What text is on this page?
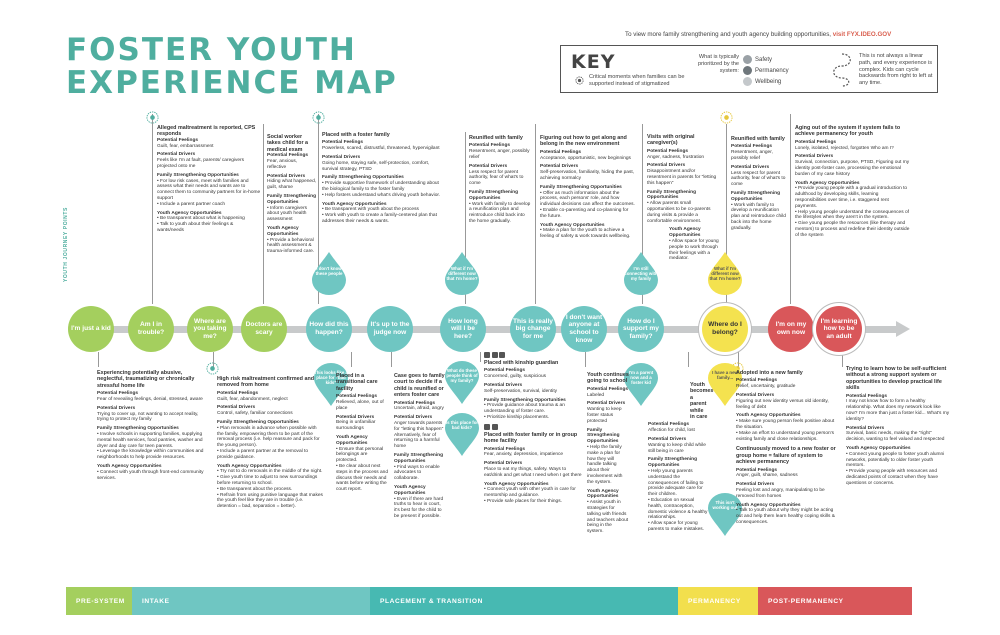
FOSTER YOUTH
EXPERIENCE MAP
To view more family strengthening and youth agency building opportunities, visit FYX.IDEO.GOV
KEY
Critical moments when families can be supported instead of stigmatized
What is typically prioritized by the system:
Safety
Permanency
Wellbeing
This is not always a linear path, and every experience is complex. Kids can cycle backwards from right to left at any time.
YOUTH JOURNEY POINTS
I'm just a kid
Am I in trouble?
Where are you taking me?
Doctors are scary
How did this happen?
It's up to the judge now
How long will I be here?
This is really big change for me
I don't want anyone at school to know
How do I support my family?
Where do I belong?
I'm on my own now
I'm learning how to be an adult
I don't know these people
This looks like a place for "bad kids"
What if I'm different now that I'm home?
What do these people think of my family?
Is this place for bad kids?
I'm still connecting with my family
I'm a parent now and a foster kid
What if I'm different now that I'm home?
I have a new family...
This isn't working out

Alleged maltreatment is reported, CPS responds

Potential Feelings

Guilt, fear, embarrassment

Potential Drivers

Feels like I'm at fault, parents/ caregivers projected onto me

Family Strengthening Opportunities

• For low risk cases, meet with families and assess what their needs and wants are to connect them to community partners for in-home support

• Include a parent partner coach

Youth Agency Opportunities

• Be transparent about what is happening

• Talk to youth about their feelings & wants/needs

Social worker takes child for a medical exam

Potential Feelings

Fear, anxious, reflective

Potential Drivers

Hiding what happened, guilt, shame

Family Strengthening Opportunities

• Inform caregivers about youth health assessment

Youth Agency Opportunities

• Provide a behavioral health assessment & trauma-informed care.

Placed with a foster family

Potential Feelings

Powerless, scared, distrustful, threatened, hypervigilant

Potential Drivers

Going home, staying safe, self-protection, comfort, survival strategy, PTSD

Family Strengthening Opportunities

• Provide supportive framework of understanding about the biological family to the foster family

• Help fosters understand what's driving youth behavior.

Youth Agency Opportunities

• Be transparent with youth about the process

• Work with youth to create a family-centered plan that addresses their needs & wants.

Reunified with family

Potential Feelings

Resentment, anger, possibly relief

Potential Drivers

Less respect for parent authority, fear of what's to come

Family Strengthening Opportunities

• Work with family to develop a reunification plan and reintroduce child back into the home gradually.

Figuring out how to get along and belong in the new environment

Potential Feelings

Acceptance, opportunistic, new beginnings

Potential Drivers

Self-preservation, familiarity, hiding the past, achieving normalcy

Family Strengthening Opportunities

• Offer as much information about the process, each persons' role, and how individual decisions can affect the outcomes.

• Enable co-parenting and co-planning for the future.

Youth Agency Opportunities

• Make a plan for the youth to achieve a feeling of safety & work towards wellbeing.

Visits with original caregiver(s)

Potential Feelings

Anger, sadness, frustration

Potential Drivers

Disappointment and/or resentment in parents for "letting this happen"

Family Strengthening Opportunities

• Allow parents small opportunities to be co-parents during visits & provide a comfortable environment.

Youth Agency Opportunities

• Allow space for young people to work through their feelings with a mediator.

Reunified with family

Potential Feelings

Resentment, anger, possibly relief

Potential Drivers

Less respect for parent authority, fear of what's to come

Family Strengthening Opportunities

• Work with family to develop a reunification plan and reintroduce child back into the home gradually.

Aging out of the system if system fails to achieve permanency for youth

Potential Feelings

Lonely, isolated, rejected, forgotten Who am I?

Potential Drivers

Survival, connection, purpose, PTSD, Figuring out my identity post-foster care, processing the emotional burden of my case history

Youth Agency Opportunities

• Provide young people with a gradual introduction to adulthood by developing skills, learning responsibilities over time, i.e. staggered rent payments.

• Help young people understand the consequences of the lifestyles when they aren't in the system.

• Give young people the resources (like therapy and mentors) to process and redefine their identity outside of the system

Experiencing potentially abusive, neglectful, traumatizing or chronically stressful home life

Potential Feelings

Fear of revealing feelings, denial, stressed, aware

Potential Drivers

Trying to cover up, not wanting to accept reality, trying to protect my family

Family Strengthening Opportunities

• Involve schools in supporting families, supplying mental health services, food pantries, washer and dryer and day care for teen parents.

• Leverage the knowledge within communities and neighborhoods to help provide resources.

Youth Agency Opportunities

• Connect with youth through front-end community services.

High risk maltreatment confirmed and removed from home

Potential Feelings

Guilt, fear, abandonment, neglect

Potential Drivers

Control, safety, familiar connections

Family Strengthening Opportunities

• Plan removals in advance when possible with the family, empowering them to be part of the removal process (i.e. help reassure and pack for the young person).

• Include a parent partner at the removal to provide guidance.

Youth Agency Opportunities

• Try not to do removals in the middle of the night.

• Give youth time to adjust to new surroundings before returning to school.

• Be transparent about the process.

• Refrain from using punitive language that makes the youth feel like they are in trouble (i.e. detention = bad, separation = better).

Placed in a transitional care facility

Potential Feelings

Relieved, alone, out of place

Potential Drivers

Being in unfamiliar surroundings

Youth Agency Opportunities

• Ensure that personal belongings are protected.

• Be clear about next steps in the process and discuss their needs and wants before writing the court report.

Case goes to family court to decide if a child is reunified or enters foster care

Potential Feelings

Uncertain, afraid, angry

Potential Drivers

Anger towards parents for "letting this happen" Alternatively, fear of returning to a harmful home

Family Strengthening Opportunities

• Find ways to enable advocates to collaborate.

Youth Agency Opportunities

• Even if there are hard truths to hear in court, it's best for the child to be present if possible.

Placed with kinship guardian

Potential Feelings

Concerned, guilty, suspicious

Potential Drivers

Self-preservation, survival, identity

Family Strengthening Opportunities

• Provide guidance about trauma & an understanding of foster care.

• Prioritize kinship placements.

Placed with foster family or in group home facility

Potential Feelings

Fear, anxiety, depression, impatience

Potential Drivers

Place to eat my things, safety. Ways to eat/drink and get what I need when I get there

Youth Agency Opportunities

• Connect youth with other youth in care for mentorship and guidance.

• Provide safe places for their things.

Youth continues going to school

Potential Feelings

Labeled

Potential Drivers

Wanting to keep foster status protected

Family Strengthening Opportunities

• Help the family make a plan for how they will handle talking about their involvement with the system.

Youth Agency Opportunities

• Assist youth in strategies for talking with friends and teachers about being in the system.

Youth becomes a parent while in care

Potential Feelings

Affection for child, lost

Potential Drivers

Wanting to keep child while still being in care

Family Strengthening Opportunities

• Help young parents understand the consequences of failing to provide adequate care for their children.

• Education on sexual health, contraception, domestic violence & healthy relationships.

• Allow space for young parents to make mistakes.

Adopted into a new family

Potential Feelings

Relief, uncertainty, gratitude

Potential Drivers

Figuring out new identity versus old identity, feeling of debt

Youth Agency Opportunities

• Make sure young person feels positive about the situation.

• Make an effort to understand young person's existing family and close relationships.

Continuously moved to a new foster or group home = failure of system to achieve permanency

Potential Feelings

Anger, guilt, shame, sadness

Potential Drivers

Feeling lost and angry, manipulating to be removed from homes

Youth Agency Opportunities

• Talk to youth about why they might be acting out and help them learn healthy coping skills & consequences.

Trying to learn how to be self-sufficient without a strong support system or opportunities to develop practical life skills

Potential Feelings

I may not know how to form a healthy relationship. What does my network look like now? I'm more than just a foster kid... What's my identity?

Potential Drivers

Survival, basic needs, making the "right" decision, wanting to feel valued and respected

Youth Agency Opportunities

• Connect young people to foster youth alumni networks, potentially to older foster youth mentors.

• Provide young people with resources and dedicated points of contact when they have questions or concerns.

PRE-SYSTEM	INTAKE	PLACEMENT & TRANSITION	PERMANENCY	POST-PERMANENCY
